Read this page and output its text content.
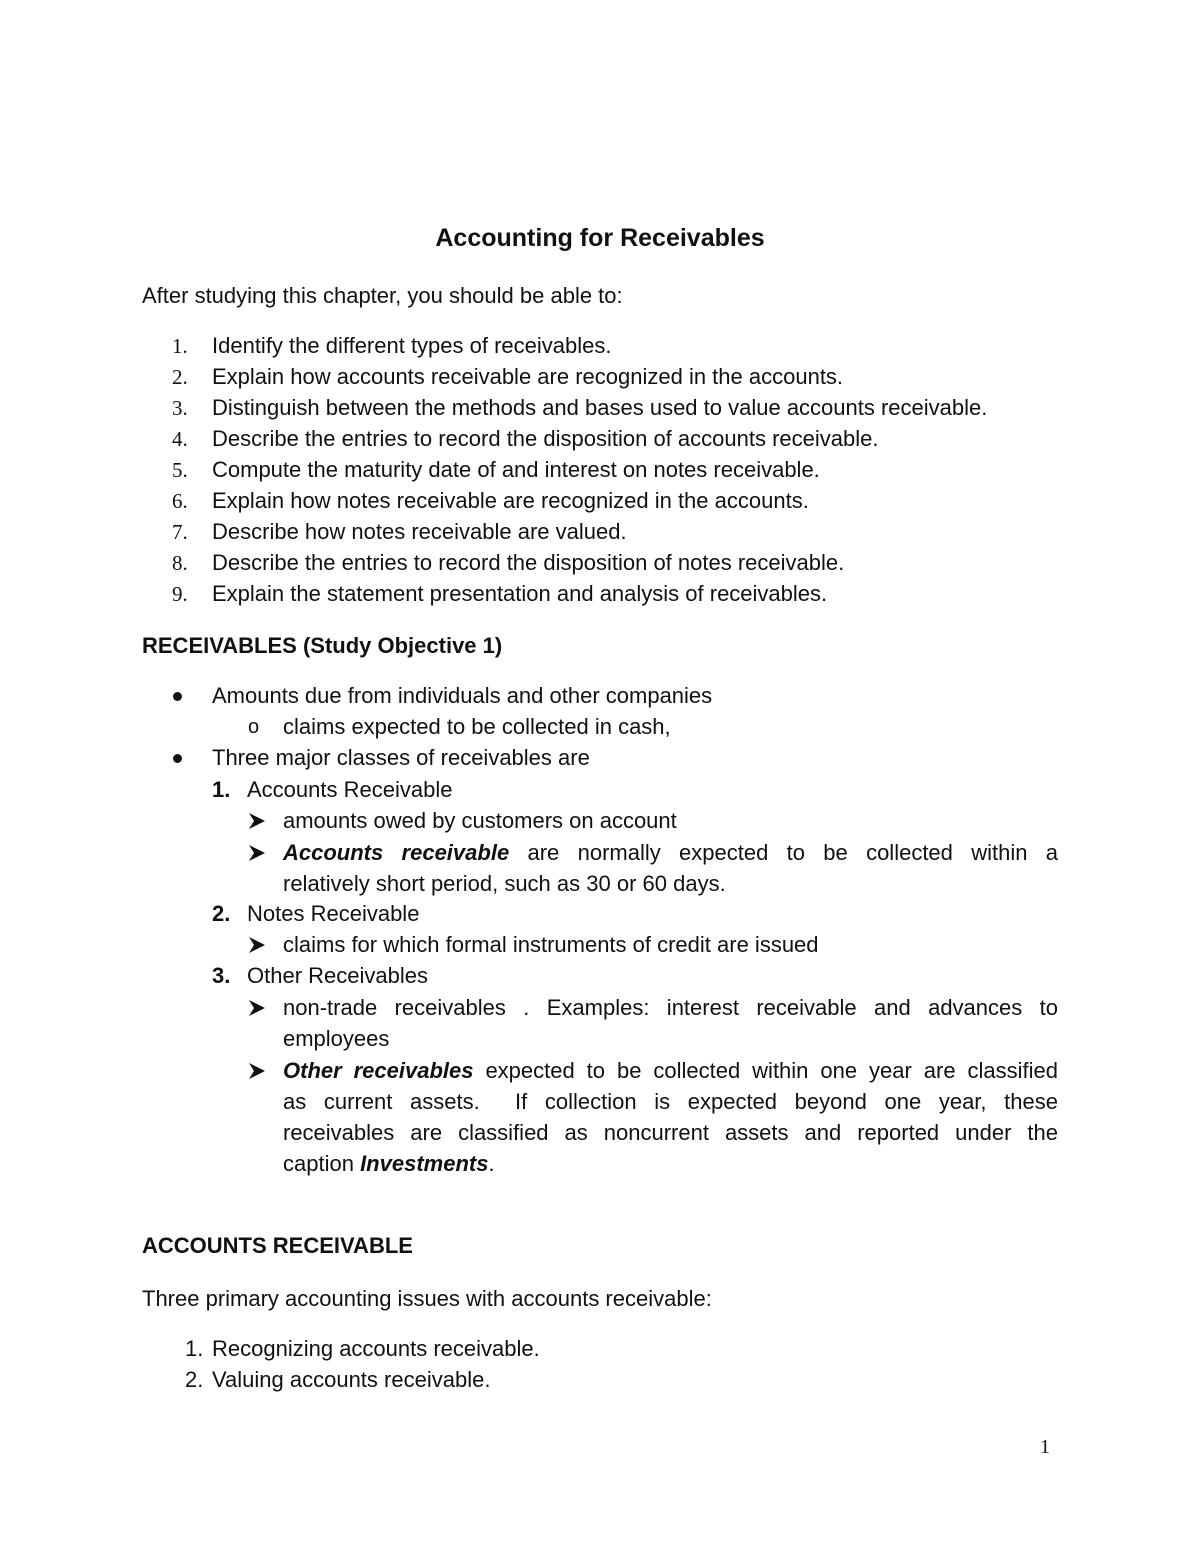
Accounting for Receivables
After studying this chapter, you should be able to:
1.	Identify the different types of receivables.
2.	Explain how accounts receivable are recognized in the accounts.
3.	Distinguish between the methods and bases used to value accounts receivable.
4.	Describe the entries to record the disposition of accounts receivable.
5.	Compute the maturity date of and interest on notes receivable.
6.	Explain how notes receivable are recognized in the accounts.
7.	Describe how notes receivable are valued.
8.	Describe the entries to record the disposition of notes receivable.
9.	Explain the statement presentation and analysis of receivables.
RECEIVABLES (Study Objective 1)
Amounts due from individuals and other companies
o claims expected to be collected in cash,
Three major classes of receivables are
1. Accounts Receivable
amounts owed by customers on account
Accounts receivable are normally expected to be collected within a
relatively short period, such as 30 or 60 days.
2. Notes Receivable
claims for which formal instruments of credit are issued
3. Other Receivables
non-trade receivables . Examples: interest receivable and advances to
employees
Other receivables expected to be collected within one year are classified
as current assets.  If collection is expected beyond one year, these
receivables are classified as noncurrent assets and reported under the
caption Investments.
ACCOUNTS RECEIVABLE
Three primary accounting issues with accounts receivable:
1. Recognizing accounts receivable.
2. Valuing accounts receivable.
1
